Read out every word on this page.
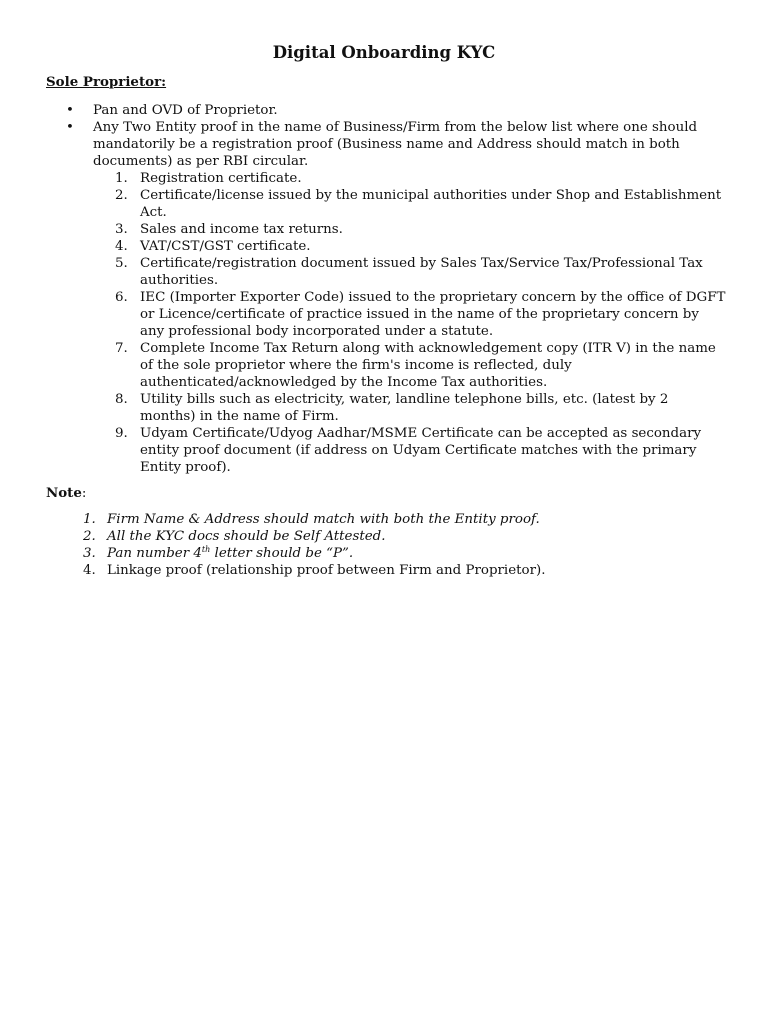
Digital Onboarding KYC
Sole Proprietor:
• Pan and OVD of Proprietor.
• Any Two Entity proof in the name of Business/Firm from the below list where one should mandatorily be a registration proof (Business name and Address should match in both documents) as per RBI circular.
1. Registration certificate.
2. Certificate/license issued by the municipal authorities under Shop and Establishment Act.
3. Sales and income tax returns.
4. VAT/CST/GST certificate.
5. Certificate/registration document issued by Sales Tax/Service Tax/Professional Tax authorities.
6. IEC (Importer Exporter Code) issued to the proprietary concern by the office of DGFT or Licence/certificate of practice issued in the name of the proprietary concern by any professional body incorporated under a statute.
7. Complete Income Tax Return along with acknowledgement copy (ITR V) in the name of the sole proprietor where the firm's income is reflected, duly authenticated/acknowledged by the Income Tax authorities.
8. Utility bills such as electricity, water, landline telephone bills, etc. (latest by 2 months) in the name of Firm.
9. Udyam Certificate/Udyog Aadhar/MSME Certificate can be accepted as secondary entity proof document (if address on Udyam Certificate matches with the primary Entity proof).
Note:
1. Firm Name & Address should match with both the Entity proof.
2. All the KYC docs should be Self Attested.
3. Pan number 4th letter should be “P”.
4. Linkage proof (relationship proof between Firm and Proprietor).
